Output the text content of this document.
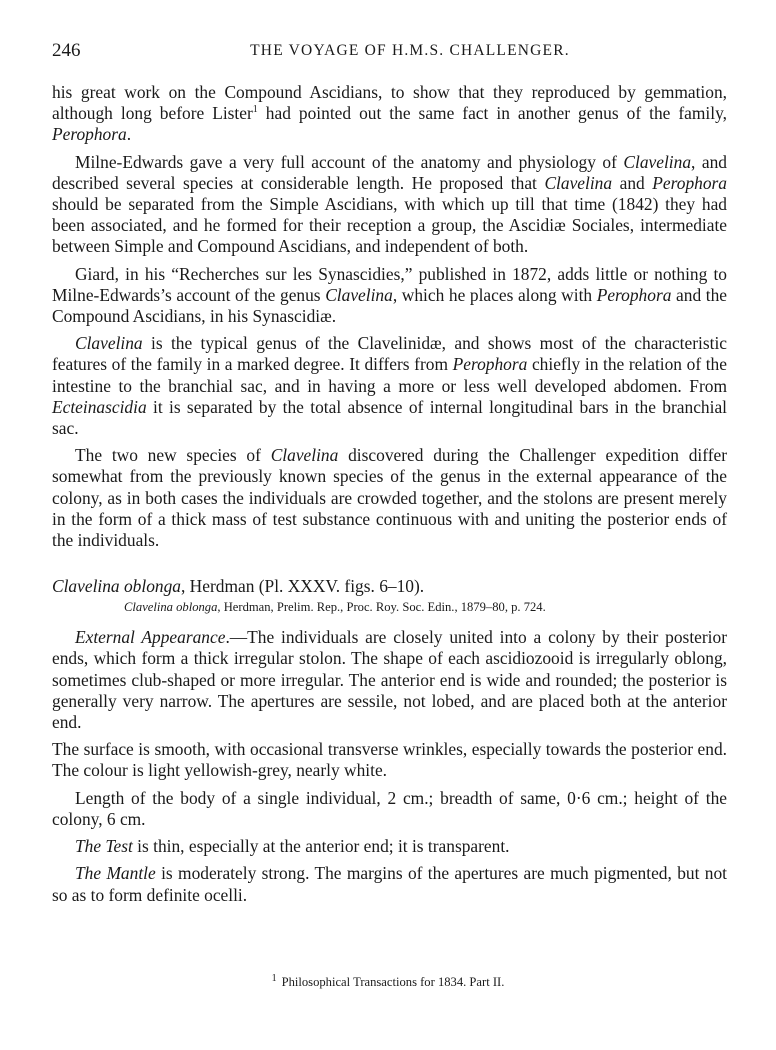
246	THE VOYAGE OF H.M.S. CHALLENGER.

his great work on the Compound Ascidians, to show that they reproduced by gemmation, although long before Lister$^1$ had pointed out the same fact in another genus of the family, Perophora.

Milne-Edwards gave a very full account of the anatomy and physiology of Clavelina, and described several species at considerable length. He proposed that Clavelina and Perophora should be separated from the Simple Ascidians, with which up till that time (1842) they had been associated, and he formed for their reception a group, the Ascidiæ Sociales, intermediate between Simple and Compound Ascidians, and independent of both.

Giard, in his “Recherches sur les Synascidies,” published in 1872, adds little or nothing to Milne-Edwards’s account of the genus Clavelina, which he places along with Perophora and the Compound Ascidians, in his Synascidiæ.

Clavelina is the typical genus of the Clavelinidæ, and shows most of the characteristic features of the family in a marked degree. It differs from Perophora chiefly in the relation of the intestine to the branchial sac, and in having a more or less well developed abdomen. From Ecteinascidia it is separated by the total absence of internal longitudinal bars in the branchial sac.

The two new species of Clavelina discovered during the Challenger expedition differ somewhat from the previously known species of the genus in the external appearance of the colony, as in both cases the individuals are crowded together, and the stolons are present merely in the form of a thick mass of test substance continuous with and uniting the posterior ends of the individuals.

Clavelina oblonga, Herdman (Pl. XXXV. figs. 6–10).
Clavelina oblonga, Herdman, Prelim. Rep., Proc. Roy. Soc. Edin., 1879–80, p. 724.

External Appearance.—The individuals are closely united into a colony by their posterior ends, which form a thick irregular stolon. The shape of each ascidiozooid is irregularly oblong, sometimes club-shaped or more irregular. The anterior end is wide and rounded; the posterior is generally very narrow. The apertures are sessile, not lobed, and are placed both at the anterior end.

The surface is smooth, with occasional transverse wrinkles, especially towards the posterior end. The colour is light yellowish-grey, nearly white.

Length of the body of a single individual, 2 cm.; breadth of same, 0·6 cm.; height of the colony, 6 cm.

The Test is thin, especially at the anterior end; it is transparent.

The Mantle is moderately strong. The margins of the apertures are much pigmented, but not so as to form definite ocelli.

$^1$ Philosophical Transactions for 1834. Part II.
